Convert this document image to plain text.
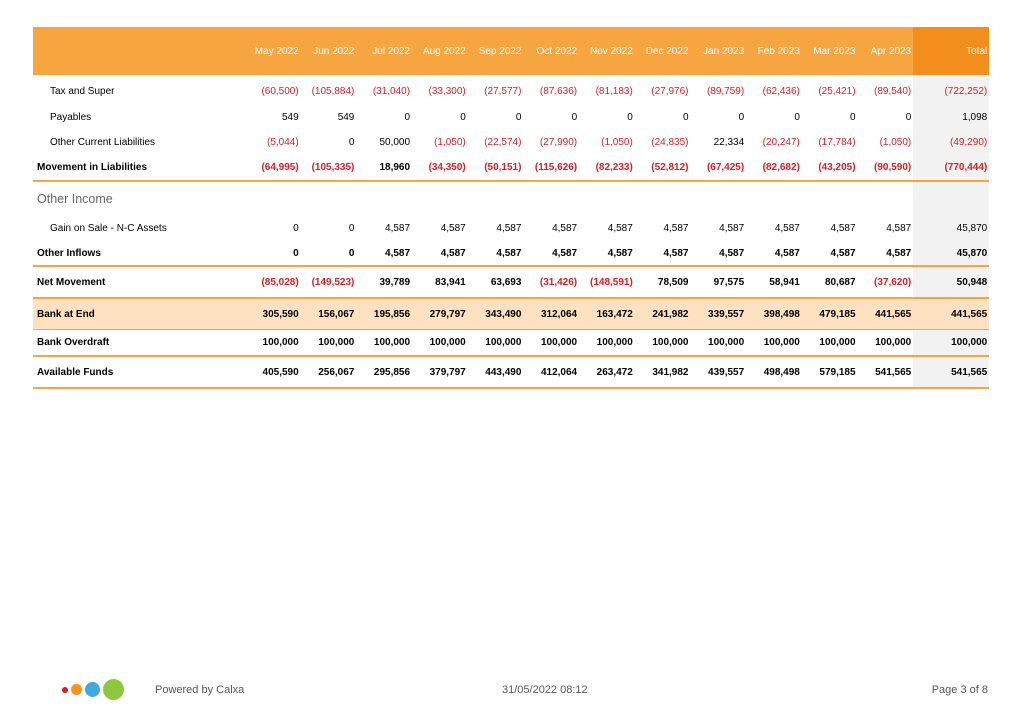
	May 2022	Jun 2022	Jul 2022	Aug 2022	Sep 2022	Oct 2022	Nov 2022	Dec 2022	Jan 2023	Feb 2023	Mar 2023	Apr 2023	Total

Tax and Super	(60,500)	(105,884)	(31,040)	(33,300)	(27,577)	(87,636)	(81,183)	(27,976)	(89,759)	(62,436)	(25,421)	(89,540)	(722,252)
Payables	549	549	0	0	0	0	0	0	0	0	0	0	1,098
Other Current Liabilities	(5,044)	0	50,000	(1,050)	(22,574)	(27,990)	(1,050)	(24,835)	22,334	(20,247)	(17,784)	(1,050)	(49,290)
Movement in Liabilities	(64,995)	(105,335)	18,960	(34,350)	(50,151)	(115,626)	(82,233)	(52,812)	(67,425)	(82,682)	(43,205)	(90,590)	(770,444)
Other Income													
Gain on Sale - N-C Assets	0	0	4,587	4,587	4,587	4,587	4,587	4,587	4,587	4,587	4,587	4,587	45,870
Other Inflows	0	0	4,587	4,587	4,587	4,587	4,587	4,587	4,587	4,587	4,587	4,587	45,870
Net Movement	(85,028)	(149,523)	39,789	83,941	63,693	(31,426)	(148,591)	78,509	97,575	58,941	80,687	(37,620)	50,948
Bank at End	305,590	156,067	195,856	279,797	343,490	312,064	163,472	241,982	339,557	398,498	479,185	441,565	441,565
Bank Overdraft	100,000	100,000	100,000	100,000	100,000	100,000	100,000	100,000	100,000	100,000	100,000	100,000	100,000
Available Funds	405,590	256,067	295,856	379,797	443,490	412,064	263,472	341,982	439,557	498,498	579,185	541,565	541,565
Powered by Calxa	31/05/2022 08:12	Page 3 of 8
